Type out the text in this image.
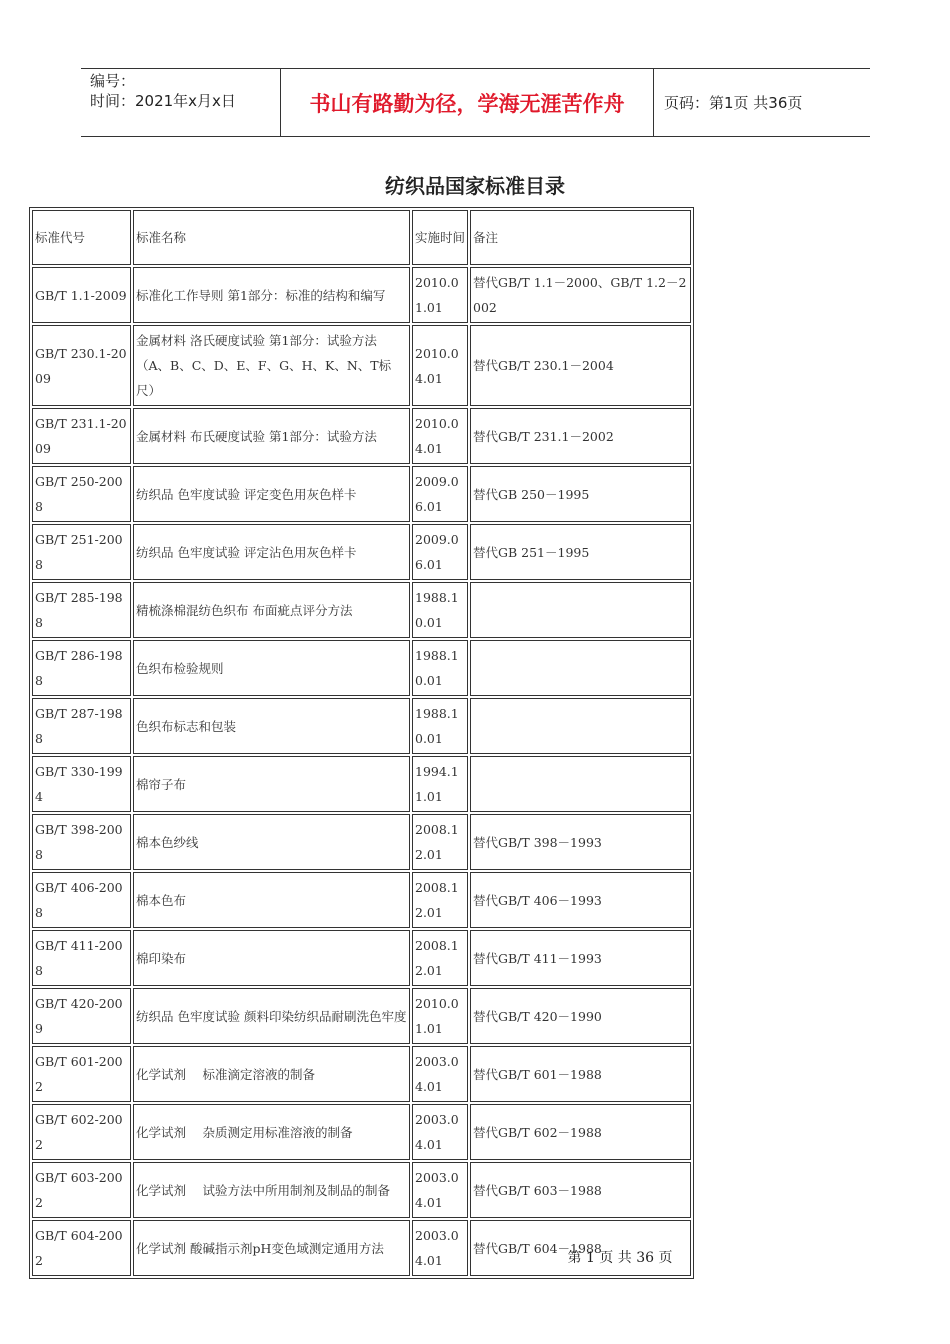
编号：
时间：2021年x月x日	书山有路勤为径，学海无涯苦作舟	页码：第1页 共36页
纺织品国家标准目录
标准代号	标准名称	实施时间	备注
GB/T 1.1-2009	标准化工作导则 第1部分：标准的结构和编写	2010.01.01	替代GB/T 1.1－2000、GB/T 1.2－2002
GB/T 230.1-2009	金属材料 洛氏硬度试验 第1部分：试验方法（A、B、C、D、E、F、G、H、K、N、T标尺）	2010.04.01	替代GB/T 230.1－2004
GB/T 231.1-2009	金属材料 布氏硬度试验 第1部分：试验方法	2010.04.01	替代GB/T 231.1－2002
GB/T 250-2008	纺织品 色牢度试验 评定变色用灰色样卡	2009.06.01	替代GB 250－1995
GB/T 251-2008	纺织品 色牢度试验 评定沾色用灰色样卡	2009.06.01	替代GB 251－1995
GB/T 285-1988	精梳涤棉混纺色织布 布面疵点评分方法	1988.10.01	
GB/T 286-1988	色织布检验规则	1988.10.01	
GB/T 287-1988	色织布标志和包装	1988.10.01	
GB/T 330-1994	棉帘子布	1994.11.01	
GB/T 398-2008	棉本色纱线	2008.12.01	替代GB/T 398－1993
GB/T 406-2008	棉本色布	2008.12.01	替代GB/T 406－1993
GB/T 411-2008	棉印染布	2008.12.01	替代GB/T 411－1993
GB/T 420-2009	纺织品 色牢度试验 颜料印染纺织品耐刷洗色牢度	2010.01.01	替代GB/T 420－1990
GB/T 601-2002	化学试剂　 标准滴定溶液的制备	2003.04.01	替代GB/T 601－1988
GB/T 602-2002	化学试剂　 杂质测定用标准溶液的制备	2003.04.01	替代GB/T 602－1988
GB/T 603-2002	化学试剂　 试验方法中所用制剂及制品的制备	2003.04.01	替代GB/T 603－1988
GB/T 604-2002	化学试剂 酸碱指示剂pH变色域测定通用方法	2003.04.01	替代GB/T 604－1988
第 1 页 共 36 页
